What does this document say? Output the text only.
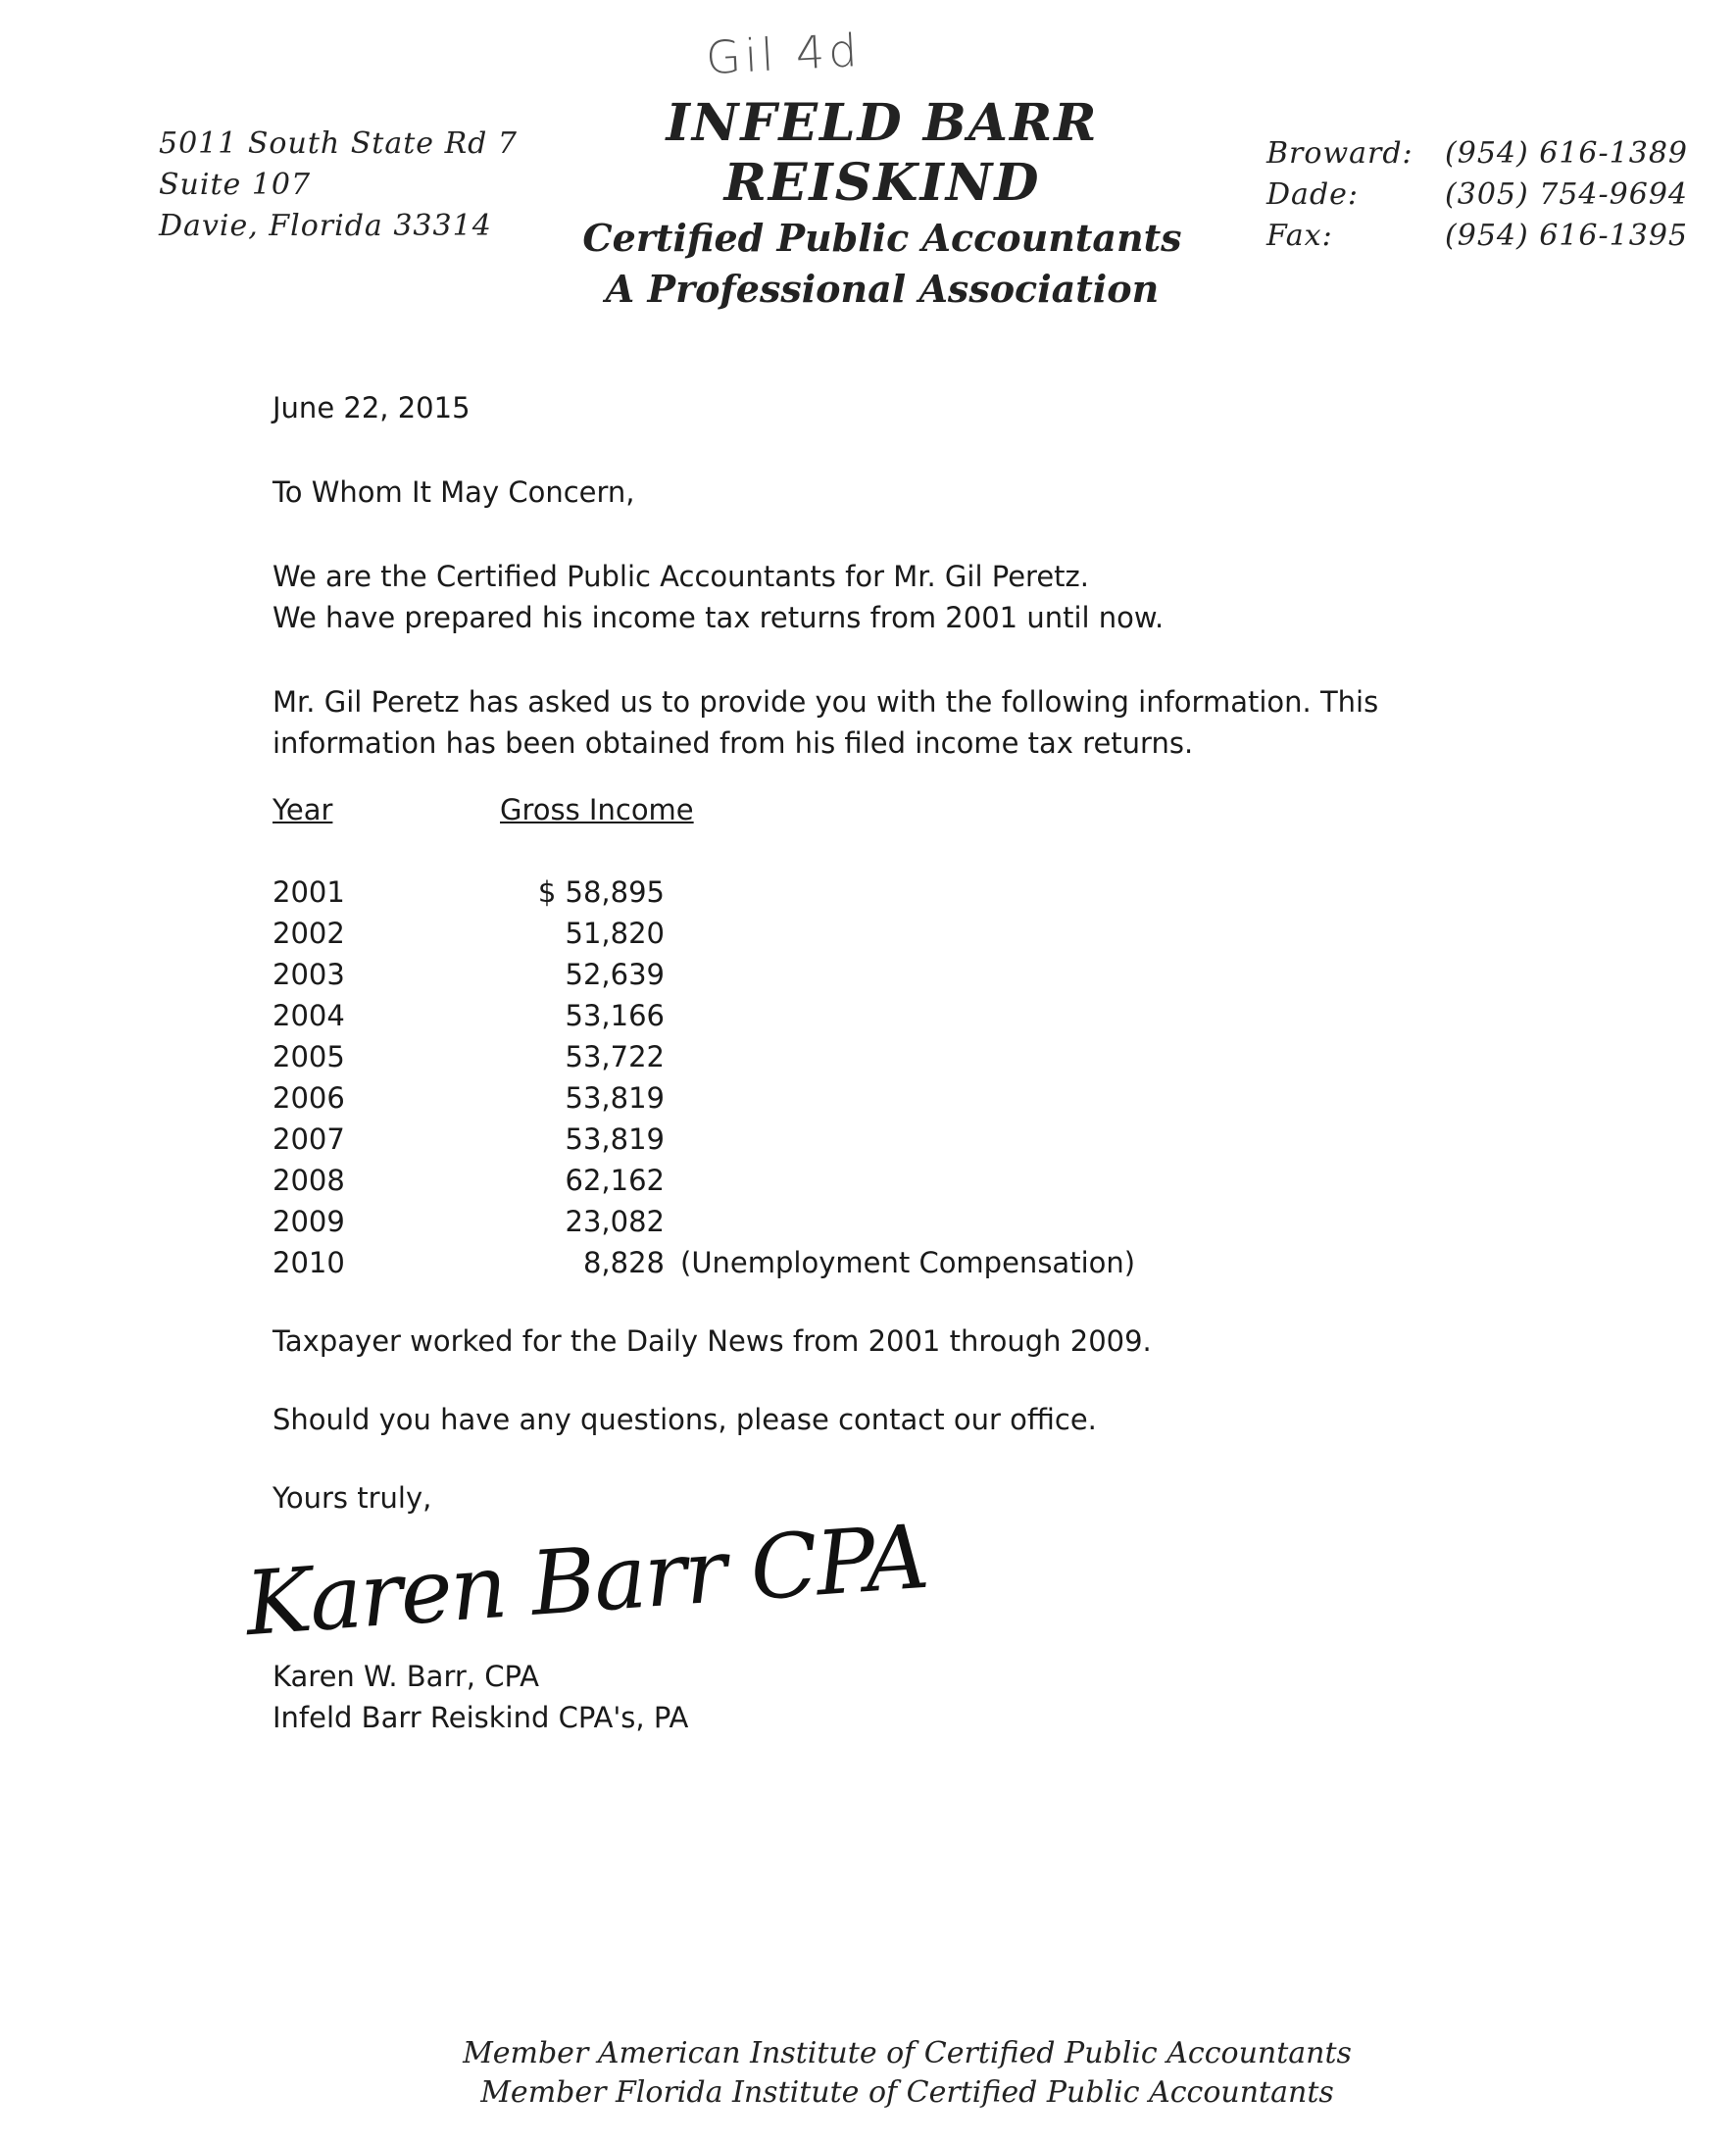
Gil 4d
5011 South State Rd 7
Suite 107
Davie, Florida 33314
INFELD BARR REISKIND
Certified Public Accountants
A Professional Association
Broward:	(954) 616-1389
Dade:	(305) 754-9694
Fax:	(954) 616-1395

June 22, 2015

To Whom It May Concern,

We are the Certified Public Accountants for Mr. Gil Peretz.

We have prepared his income tax returns from 2001 until now.

Mr. Gil Peretz has asked us to provide you with the following information. This

information has been obtained from his filed income tax returns.

Year	Gross Income
2001	$ 58,895
2002	51,820
2003	52,639
2004	53,166
2005	53,722
2006	53,819
2007	53,819
2008	62,162
2009	23,082
2010	8,828 (Unemployment Compensation)

Taxpayer worked for the Daily News from 2001 through 2009.

Should you have any questions, please contact our office.

Yours truly,

Karen W. Barr, CPA

Infeld Barr Reiskind CPA's, PA

Karen Barr CPA
Member American Institute of Certified Public Accountants
Member Florida Institute of Certified Public Accountants
